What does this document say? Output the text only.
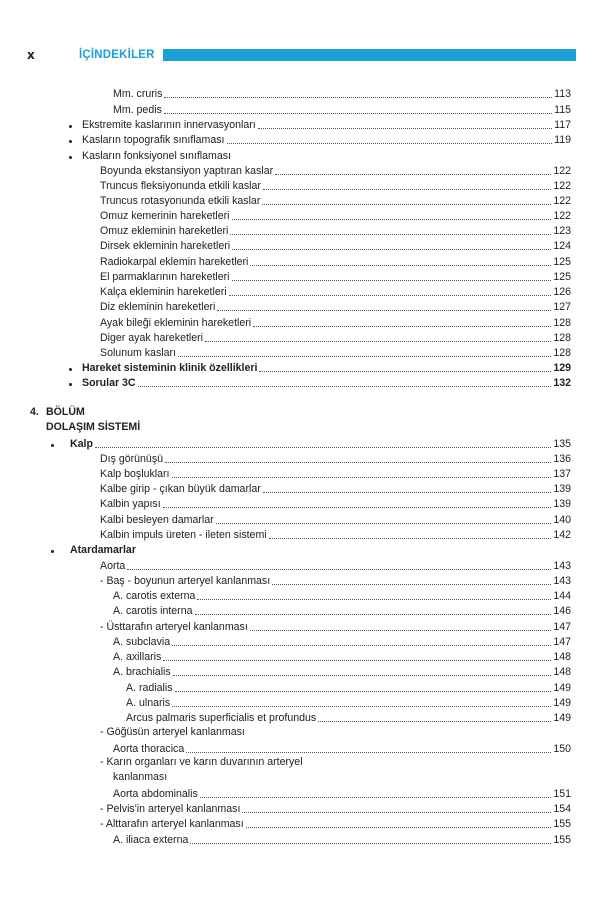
x	İÇİNDEKİLER
Mm. cruris	113
Mm. pedis	115
Ekstremite kaslarının innervasyonları	117
Kasların topografik sınıflaması	119
Kasların fonksiyonel sınıflaması
Boyunda ekstansiyon yaptıran kaslar	122
Truncus fleksiyonunda etkili kaslar	122
Truncus rotasyonunda etkili kaslar	122
Omuz kemerinin hareketleri	122
Omuz ekleminin hareketleri	123
Dirsek ekleminin hareketleri	124
Radiokarpal eklemin hareketleri	125
El parmaklarının hareketleri	125
Kalça ekleminin hareketleri	126
Diz ekleminin hareketleri	127
Ayak bileği ekleminin hareketleri	128
Diger ayak hareketleri	128
Solunum kasları	128
Hareket sisteminin klinik özellikleri	129
Sorular 3C	132
4. BÖLÜM
DOLAŞIM SİSTEMİ
Kalp	135
Dış görünüşü	136
Kalp boşlukları	137
Kalbe girip - çıkan büyük damarlar	139
Kalbin yapısı	139
Kalbi besleyen damarlar	140
Kalbin impuls üreten - ileten sistemi	142
Atardamarlar
Aorta	143
- Baş - boyunun arteryel kanlanması	143
A. carotis externa	144
A. carotis interna	146
- Üsttarafın arteryel kanlanması	147
A. subclavia	147
A. axillaris	148
A. brachialis	148
A. radialis	149
A. ulnaris	149
Arcus palmaris superficialis et profundus	149
- Göğüsün arteryel kanlanması
Aorta thoracica	150
- Karın organları ve karın duvarının arteryel
kanlanması
Aorta abdominalis	151
- Pelvis'in arteryel kanlanması	154
- Alttarafın arteryel kanlanması	155
A. iliaca externa	155
